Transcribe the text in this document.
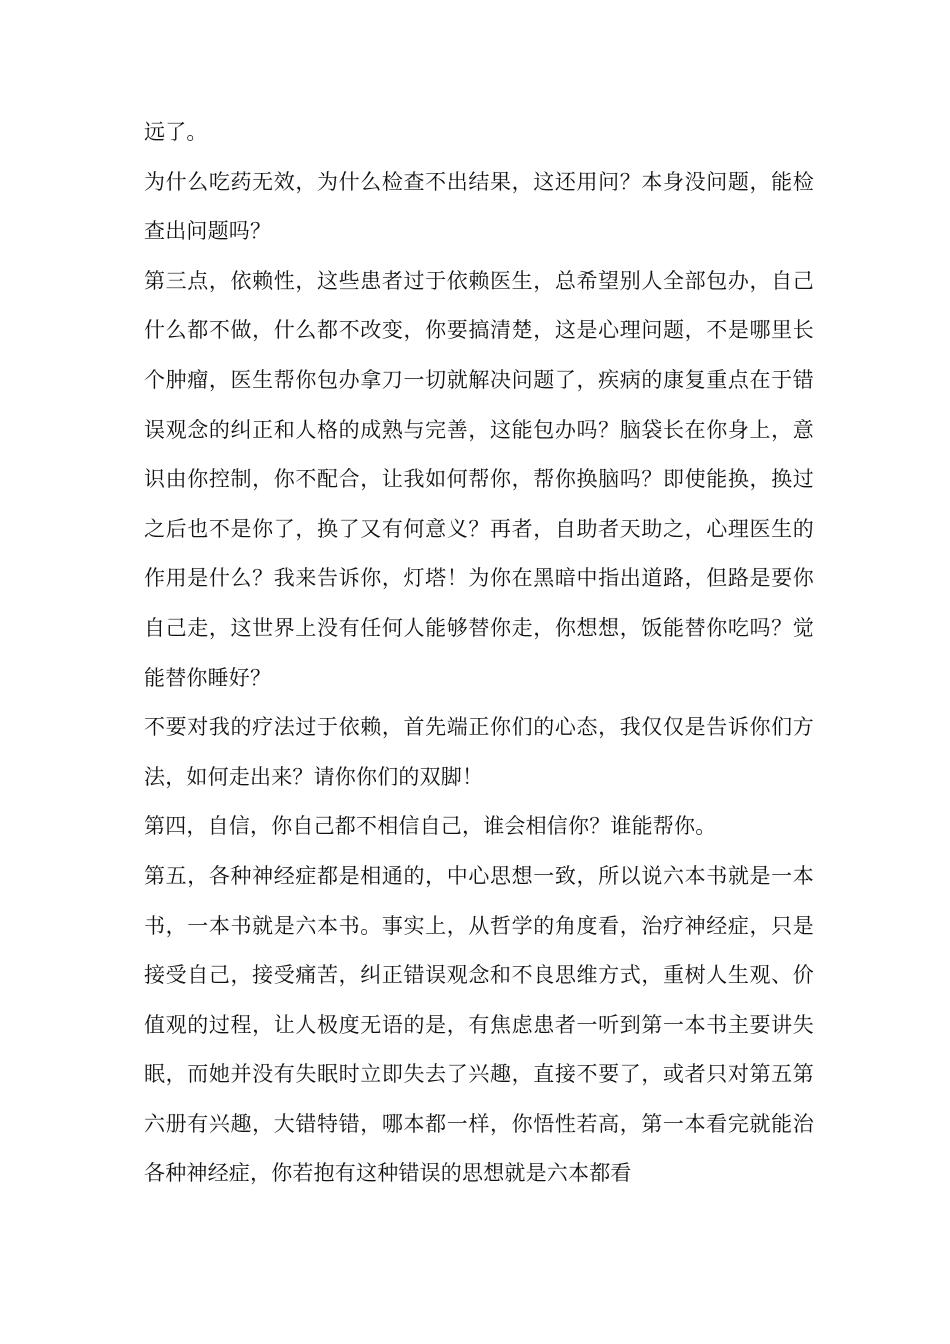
远了。

为什么吃药无效，为什么检查不出结果，这还用问？本身没问题，能检查出问题吗？

第三点，依赖性，这些患者过于依赖医生，总希望别人全部包办，自己什么都不做，什么都不改变，你要搞清楚，这是心理问题，不是哪里长个肿瘤，医生帮你包办拿刀一切就解决问题了，疾病的康复重点在于错误观念的纠正和人格的成熟与完善，这能包办吗？脑袋长在你身上，意识由你控制，你不配合，让我如何帮你，帮你换脑吗？即使能换，换过之后也不是你了，换了又有何意义？再者，自助者天助之，心理医生的作用是什么？我来告诉你，灯塔！为你在黑暗中指出道路，但路是要你自己走，这世界上没有任何人能够替你走，你想想，饭能替你吃吗？觉能替你睡好？

不要对我的疗法过于依赖，首先端正你们的心态，我仅仅是告诉你们方法，如何走出来？请你你们的双脚！

第四，自信，你自己都不相信自己，谁会相信你？谁能帮你。

第五，各种神经症都是相通的，中心思想一致，所以说六本书就是一本书，一本书就是六本书。事实上，从哲学的角度看，治疗神经症，只是接受自己，接受痛苦，纠正错误观念和不良思维方式，重树人生观、价值观的过程，让人极度无语的是，有焦虑患者一听到第一本书主要讲失眠，而她并没有失眠时立即失去了兴趣，直接不要了，或者只对第五第六册有兴趣，大错特错，哪本都一样，你悟性若高，第一本看完就能治各种神经症，你若抱有这种错误的思想就是六本都看
